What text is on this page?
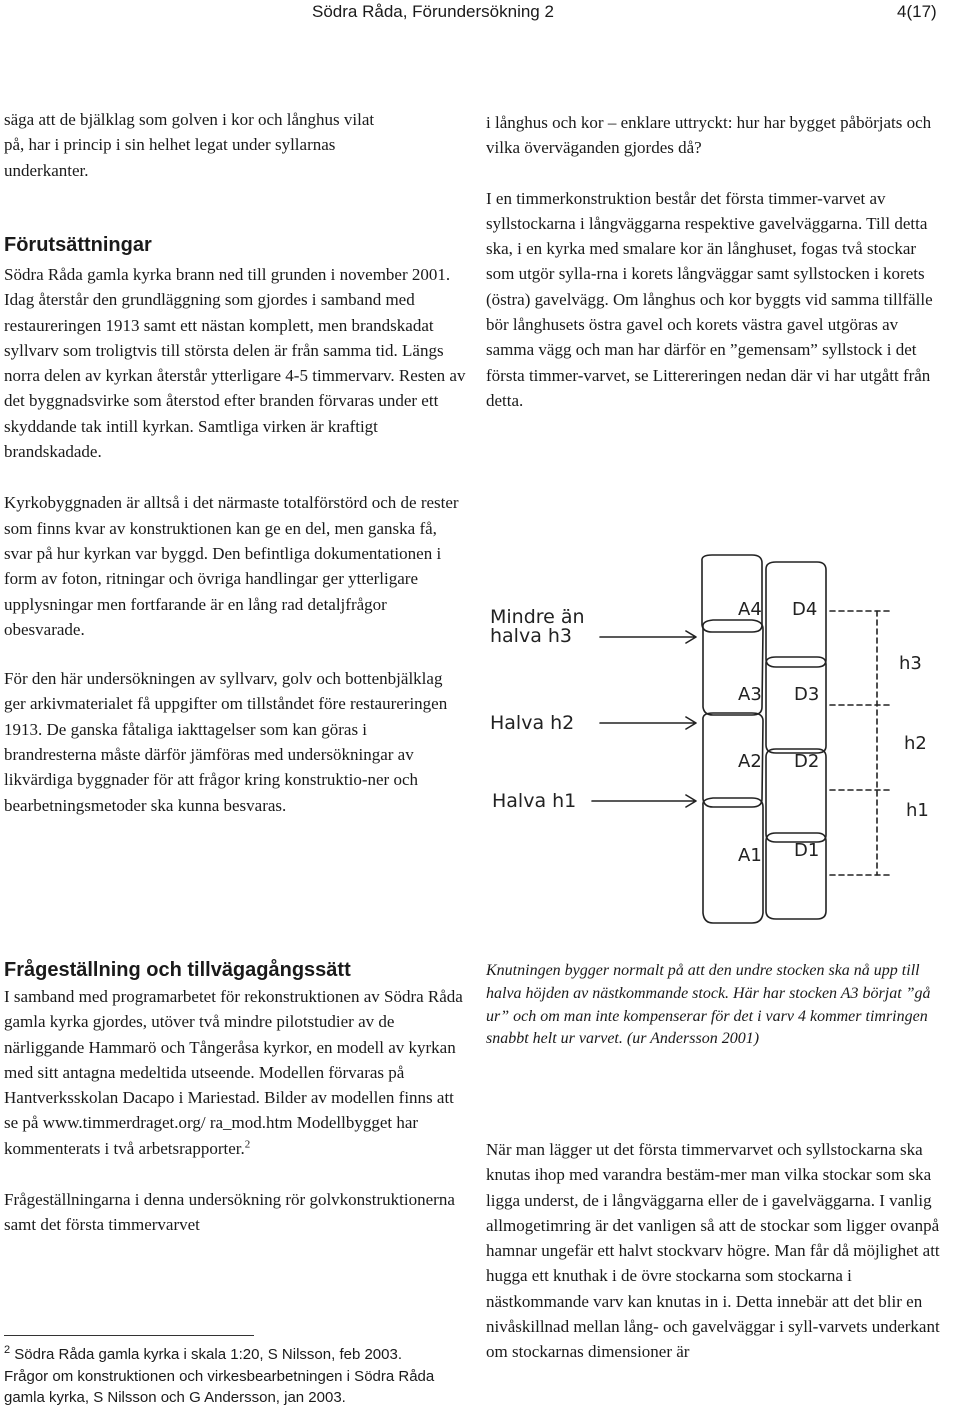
Södra Råda, Förundersökning 2	4(17)

säga att de bjälklag som golven i kor och långhus vilat på, har i princip i sin helhet legat under syllarnas underkanter.

Förutsättningar

Södra Råda gamla kyrka brann ned till grunden i november 2001. Idag återstår den grundläggning som gjordes i samband med restaureringen 1913 samt ett nästan komplett, men brandskadat syllvarv som troligtvis till största delen är från samma tid. Längs norra delen av kyrkan återstår ytterligare 4-5 timmervarv. Resten av det byggnadsvirke som återstod efter branden förvaras under ett skyddande tak intill kyrkan. Samtliga virken är kraftigt brandskadade.

Kyrkobyggnaden är alltså i det närmaste totalförstörd och de rester som finns kvar av konstruktionen kan ge en del, men ganska få, svar på hur kyrkan var byggd. Den befintliga dokumentationen i form av foton, ritningar och övriga handlingar ger ytterligare upplysningar men fortfarande är en lång rad detaljfrågor obesvarade.

För den här undersökningen av syllvarv, golv och bottenbjälklag ger arkivmaterialet få uppgifter om tillståndet före restaureringen 1913. De ganska fåtaliga iakttagelser som kan göras i brandresterna måste därför jämföras med undersökningar av likvärdiga byggnader för att frågor kring konstruktio-ner och bearbetningsmetoder ska kunna besvaras.

Frågeställning och tillvägagångssätt

I samband med programarbetet för rekonstruktionen av Södra Råda gamla kyrka gjordes, utöver två mindre pilotstudier av de närliggande Hammarö och Tångeråsa kyrkor, en modell av kyrkan med sitt antagna medeltida utseende. Modellen förvaras på Hantverksskolan Dacapo i Mariestad. Bilder av modellen finns att se på www.timmerdraget.org/ ra_mod.htm Modellbygget har kommenterats i två arbetsrapporter.$^2$

Frågeställningarna i denna undersökning rör golvkonstruktionerna samt det första timmervarvet

$^2$ Södra Råda gamla kyrka i skala 1:20, S Nilsson, feb 2003.

Frågor om konstruktionen och virkesbearbetningen i Södra Råda gamla kyrka, S Nilsson och G Andersson, jan 2003.

i långhus och kor – enklare uttryckt: hur har bygget påbörjats och vilka överväganden gjordes då?

I en timmerkonstruktion består det första timmer-varvet av syllstockarna i långväggarna respektive gavelväggarna. Till detta ska, i en kyrka med smalare kor än långhuset, fogas två stockar som utgör sylla-rna i korets långväggar samt syllstocken i korets (östra) gavelvägg. Om långhus och kor byggts vid samma tillfälle bör långhusets östra gavel och korets västra gavel utgöras av samma vägg och man har därför en ”gemensam” syllstock i det första timmer-varvet, se Littereringen nedan där vi har utgått från detta.

Mindre än
halva h3
Halva h2
Halva h1
A4
A3
A2
A1
D4
D3
D2
D1
h3
h2
h1

Knutningen bygger normalt på att den undre stocken ska nå upp till halva höjden av nästkommande stock. Här har stocken A3 börjat ”gå ur” och om man inte kompenserar för det i varv 4 kommer timringen snabbt helt ur varvet. (ur Andersson 2001)

När man lägger ut det första timmervarvet och syllstockarna ska knutas ihop med varandra bestäm-mer man vilka stockar som ska ligga underst, de i långväggarna eller de i gavelväggarna. I vanlig allmogetimring är det vanligen så att de stockar som ligger ovanpå hamnar ungefär ett halvt stockvarv högre. Man får då möjlighet att hugga ett knuthak i de övre stockarna som stockarna i nästkommande varv kan knutas in i. Detta innebär att det blir en nivåskillnad mellan lång- och gavelväggar i syll-varvets underkant om stockarnas dimensioner är
